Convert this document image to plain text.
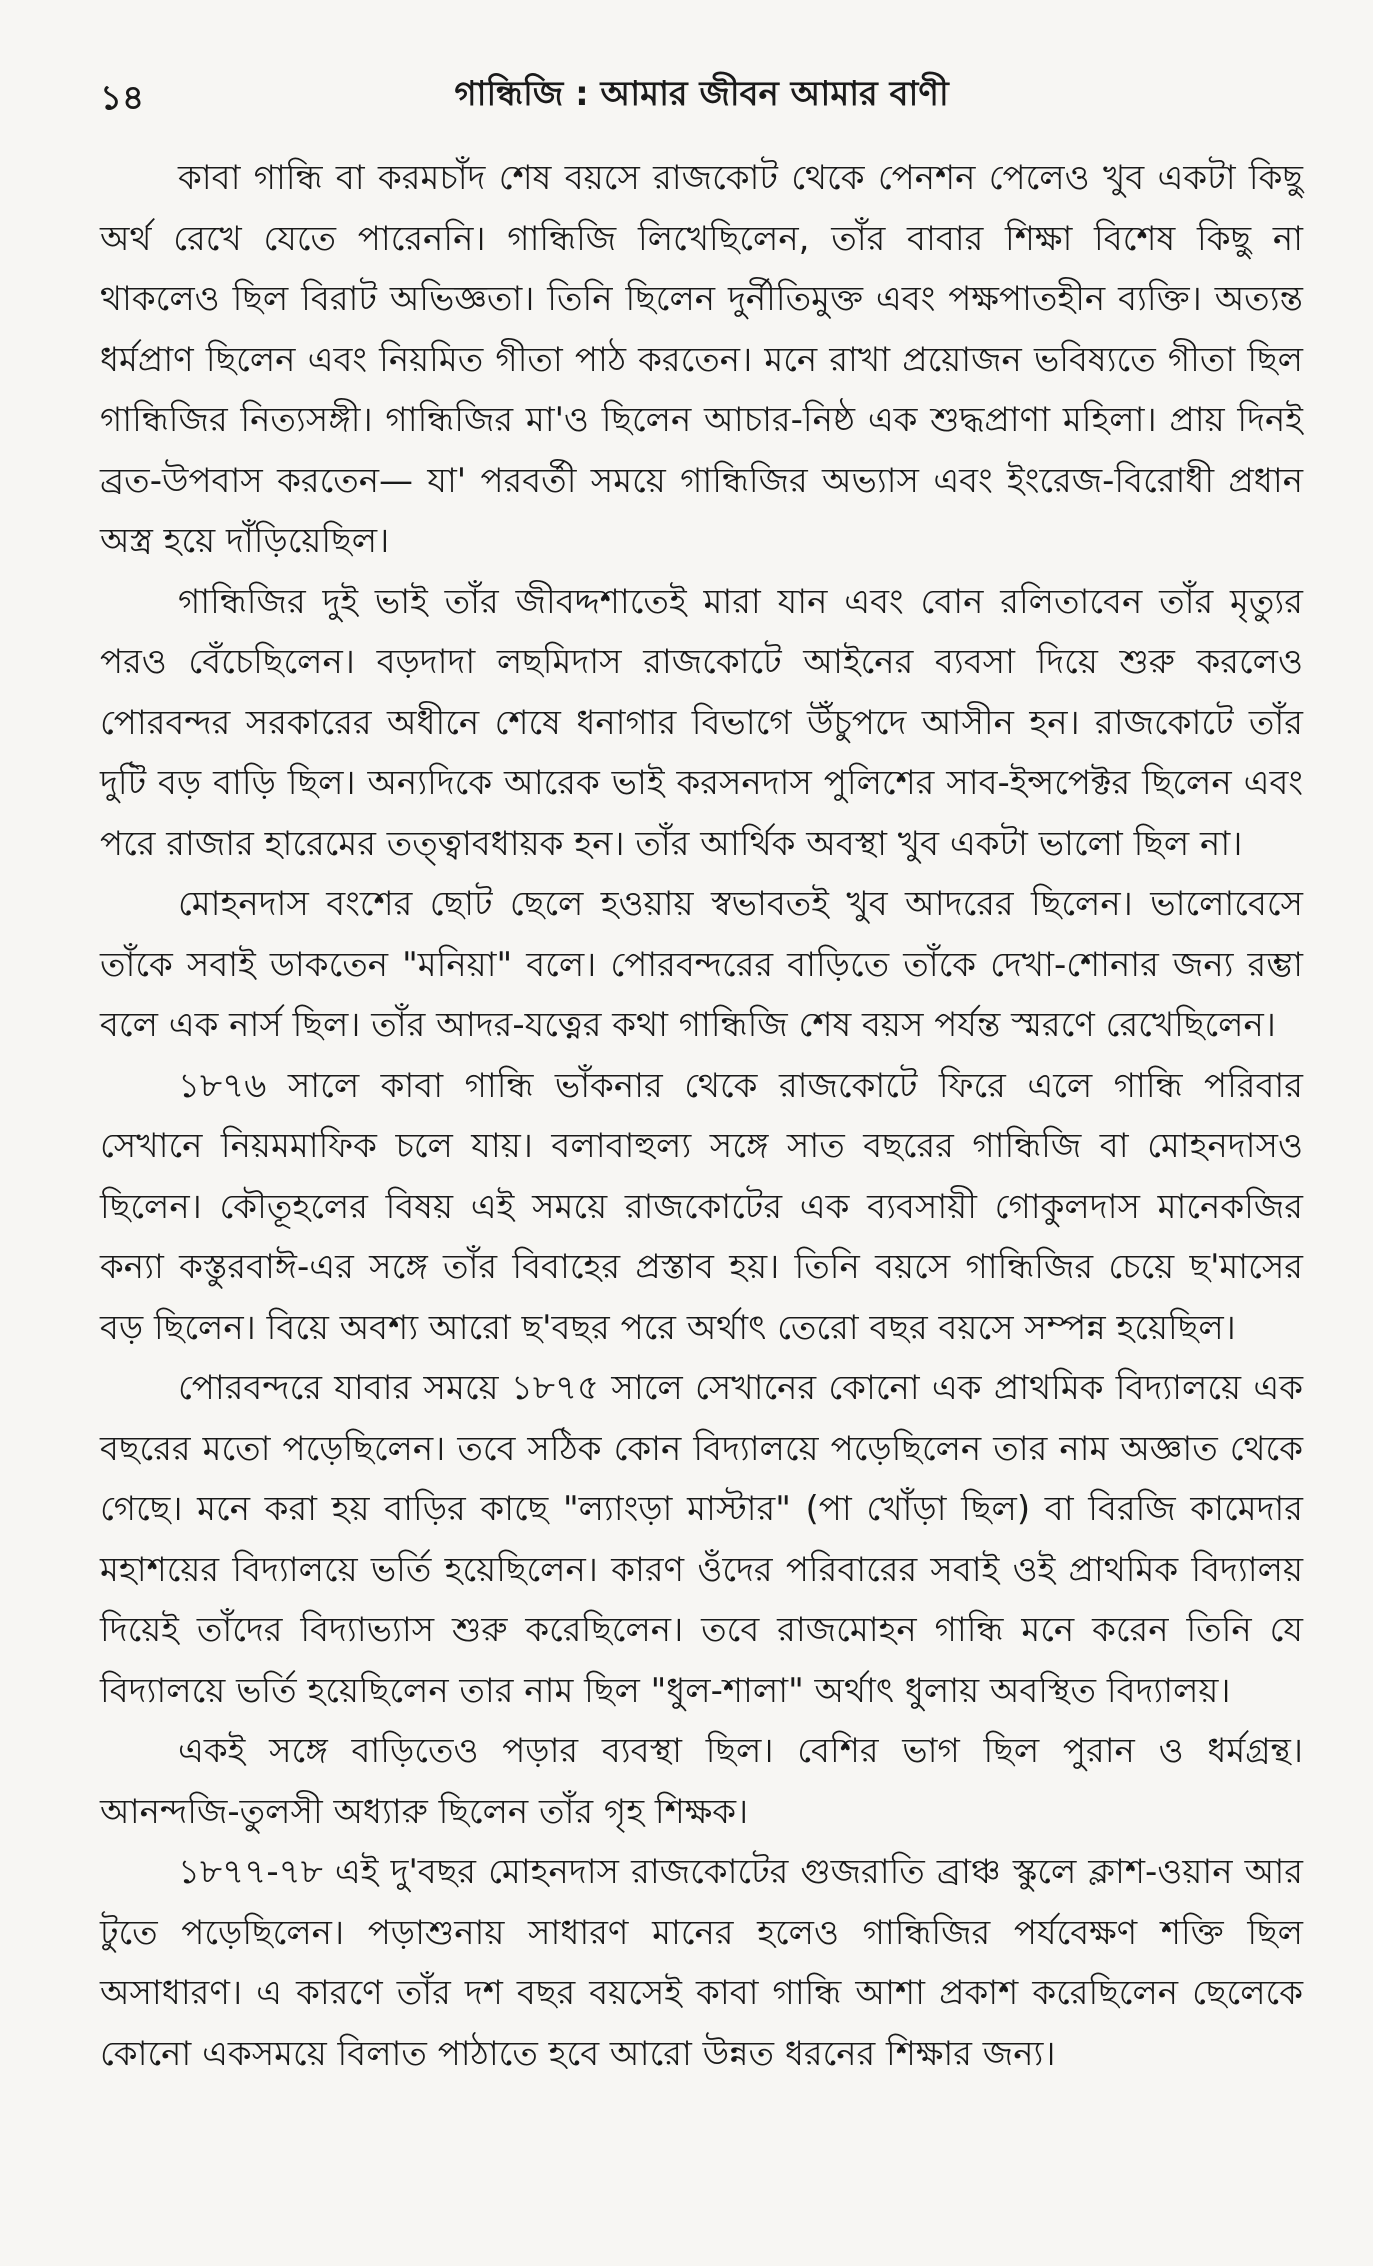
১৪	গান্ধিজি : আমার জীবন আমার বাণী

কাবা গান্ধি বা করমচাঁদ শেষ বয়সে রাজকোট থেকে পেনশন পেলেও খুব একটা কিছু অর্থ রেখে যেতে পারেননি। গান্ধিজি লিখেছিলেন, তাঁর বাবার শিক্ষা বিশেষ কিছু না থাকলেও ছিল বিরাট অভিজ্ঞতা। তিনি ছিলেন দুর্নীতিমুক্ত এবং পক্ষপাতহীন ব্যক্তি। অত্যন্ত ধর্মপ্রাণ ছিলেন এবং নিয়মিত গীতা পাঠ করতেন। মনে রাখা প্রয়োজন ভবিষ্যতে গীতা ছিল গান্ধিজির নিত্যসঙ্গী। গান্ধিজির মা'ও ছিলেন আচার-নিষ্ঠ এক শুদ্ধপ্রাণা মহিলা। প্রায় দিনই ব্রত-উপবাস করতেন— যা' পরবর্তী সময়ে গান্ধিজির অভ্যাস এবং ইংরেজ-বিরোধী প্রধান অস্ত্র হয়ে দাঁড়িয়েছিল।

গান্ধিজির দুই ভাই তাঁর জীবদ্দশাতেই মারা যান এবং বোন রলিতাবেন তাঁর মৃত্যুর পরও বেঁচেছিলেন। বড়দাদা লছমিদাস রাজকোটে আইনের ব্যবসা দিয়ে শুরু করলেও পোরবন্দর সরকারের অধীনে শেষে ধনাগার বিভাগে উঁচুপদে আসীন হন। রাজকোটে তাঁর দুটি বড় বাড়ি ছিল। অন্যদিকে আরেক ভাই করসনদাস পুলিশের সাব-ইন্সপেক্টর ছিলেন এবং পরে রাজার হারেমের তত্ত্বাবধায়ক হন। তাঁর আর্থিক অবস্থা খুব একটা ভালো ছিল না।

মোহনদাস বংশের ছোট ছেলে হওয়ায় স্বভাবতই খুব আদরের ছিলেন। ভালোবেসে তাঁকে সবাই ডাকতেন "মনিয়া" বলে। পোরবন্দরের বাড়িতে তাঁকে দেখা-শোনার জন্য রম্ভা বলে এক নার্স ছিল। তাঁর আদর-যত্নের কথা গান্ধিজি শেষ বয়স পর্যন্ত স্মরণে রেখেছিলেন।

১৮৭৬ সালে কাবা গান্ধি ভাঁকনার থেকে রাজকোটে ফিরে এলে গান্ধি পরিবার সেখানে নিয়মমাফিক চলে যায়। বলাবাহুল্য সঙ্গে সাত বছরের গান্ধিজি বা মোহনদাসও ছিলেন। কৌতূহলের বিষয় এই সময়ে রাজকোটের এক ব্যবসায়ী গোকুলদাস মানেকজির কন্যা কস্তুরবাঈ-এর সঙ্গে তাঁর বিবাহের প্রস্তাব হয়। তিনি বয়সে গান্ধিজির চেয়ে ছ'মাসের বড় ছিলেন। বিয়ে অবশ্য আরো ছ'বছর পরে অর্থাৎ তেরো বছর বয়সে সম্পন্ন হয়েছিল।

পোরবন্দরে যাবার সময়ে ১৮৭৫ সালে সেখানের কোনো এক প্রাথমিক বিদ্যালয়ে এক বছরের মতো পড়েছিলেন। তবে সঠিক কোন বিদ্যালয়ে পড়েছিলেন তার নাম অজ্ঞাত থেকে গেছে। মনে করা হয় বাড়ির কাছে "ল্যাংড়া মাস্টার" (পা খোঁড়া ছিল) বা বিরজি কামেদার মহাশয়ের বিদ্যালয়ে ভর্তি হয়েছিলেন। কারণ ওঁদের পরিবারের সবাই ওই প্রাথমিক বিদ্যালয় দিয়েই তাঁদের বিদ্যাভ্যাস শুরু করেছিলেন। তবে রাজমোহন গান্ধি মনে করেন তিনি যে বিদ্যালয়ে ভর্তি হয়েছিলেন তার নাম ছিল "ধুল-শালা" অর্থাৎ ধুলায় অবস্থিত বিদ্যালয়।

একই সঙ্গে বাড়িতেও পড়ার ব্যবস্থা ছিল। বেশির ভাগ ছিল পুরান ও ধর্মগ্রন্থ। আনন্দজি-তুলসী অধ্যারু ছিলেন তাঁর গৃহ শিক্ষক।

১৮৭৭-৭৮ এই দু'বছর মোহনদাস রাজকোটের গুজরাতি ব্রাঞ্চ স্কুলে ক্লাশ-ওয়ান আর টুতে পড়েছিলেন। পড়াশুনায় সাধারণ মানের হলেও গান্ধিজির পর্যবেক্ষণ শক্তি ছিল অসাধারণ। এ কারণে তাঁর দশ বছর বয়সেই কাবা গান্ধি আশা প্রকাশ করেছিলেন ছেলেকে কোনো একসময়ে বিলাত পাঠাতে হবে আরো উন্নত ধরনের শিক্ষার জন্য।
